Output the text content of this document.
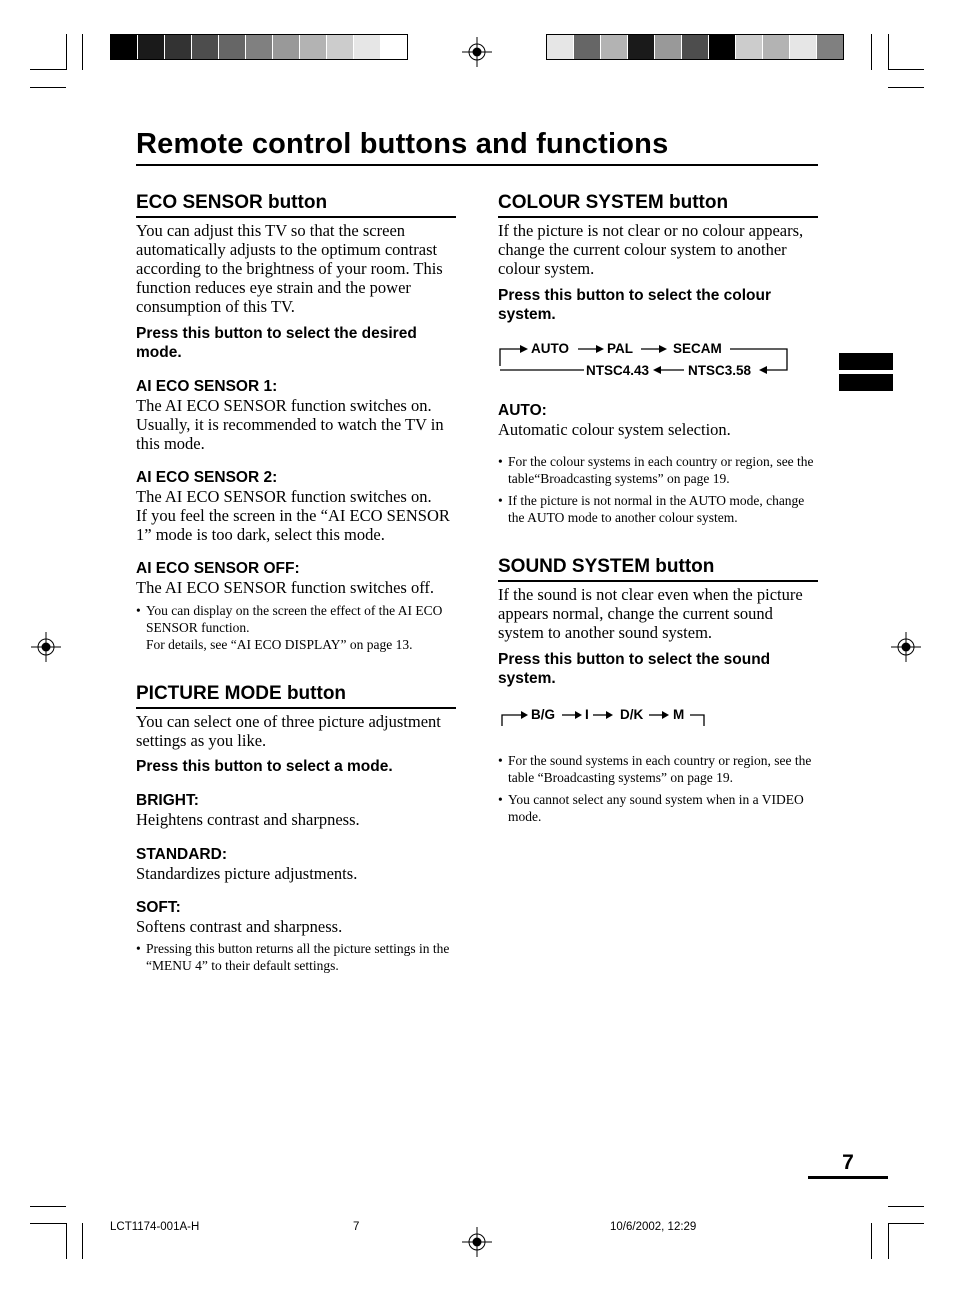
Remote control buttons and functions
ECO SENSOR button

You can adjust this TV so that the screen automatically adjusts to the optimum contrast according to the brightness of your room. This function reduces eye strain and the power consumption of this TV.

Press this button to select the desired mode.

AI ECO SENSOR 1:

The AI ECO SENSOR function switches on.

Usually, it is recommended to watch the TV in this mode.

AI ECO SENSOR 2:

The AI ECO SENSOR function switches on.

If you feel the screen in the “AI ECO SENSOR 1” mode is too dark, select this mode.

AI ECO SENSOR OFF:

The AI ECO SENSOR function switches off.

• You can display on the screen the effect of the AI ECO SENSOR function.
For details, see “AI ECO DISPLAY” on page 13.

PICTURE MODE button

You can select one of three picture adjustment settings as you like.

Press this button to select a mode.

BRIGHT:

Heightens contrast and sharpness.

STANDARD:

Standardizes picture adjustments.

SOFT:

Softens contrast and sharpness.

• Pressing this button returns all the picture settings in the “MENU 4” to their default settings.

COLOUR SYSTEM button

If the picture is not clear or no colour appears, change the current colour system to another colour system.

Press this button to select the colour system.

AUTO	PAL	SECAM
NTSC3.58
NTSC4.43

AUTO:

Automatic colour system selection.

• For the colour systems in each country or region, see the table“Broadcasting systems” on page 19.

• If the picture is not normal in the AUTO mode, change the AUTO mode to another colour system.

SOUND SYSTEM button

If the sound is not clear even when the picture appears normal, change the current sound system to another sound system.

Press this button to select the sound system.

B/G I D/K M

• For the sound systems in each country or region, see the table “Broadcasting systems” on page 19.

• You cannot select any sound system when in a VIDEO mode.

7
LCT1174-001A-H	7	10/6/2002, 12:29
